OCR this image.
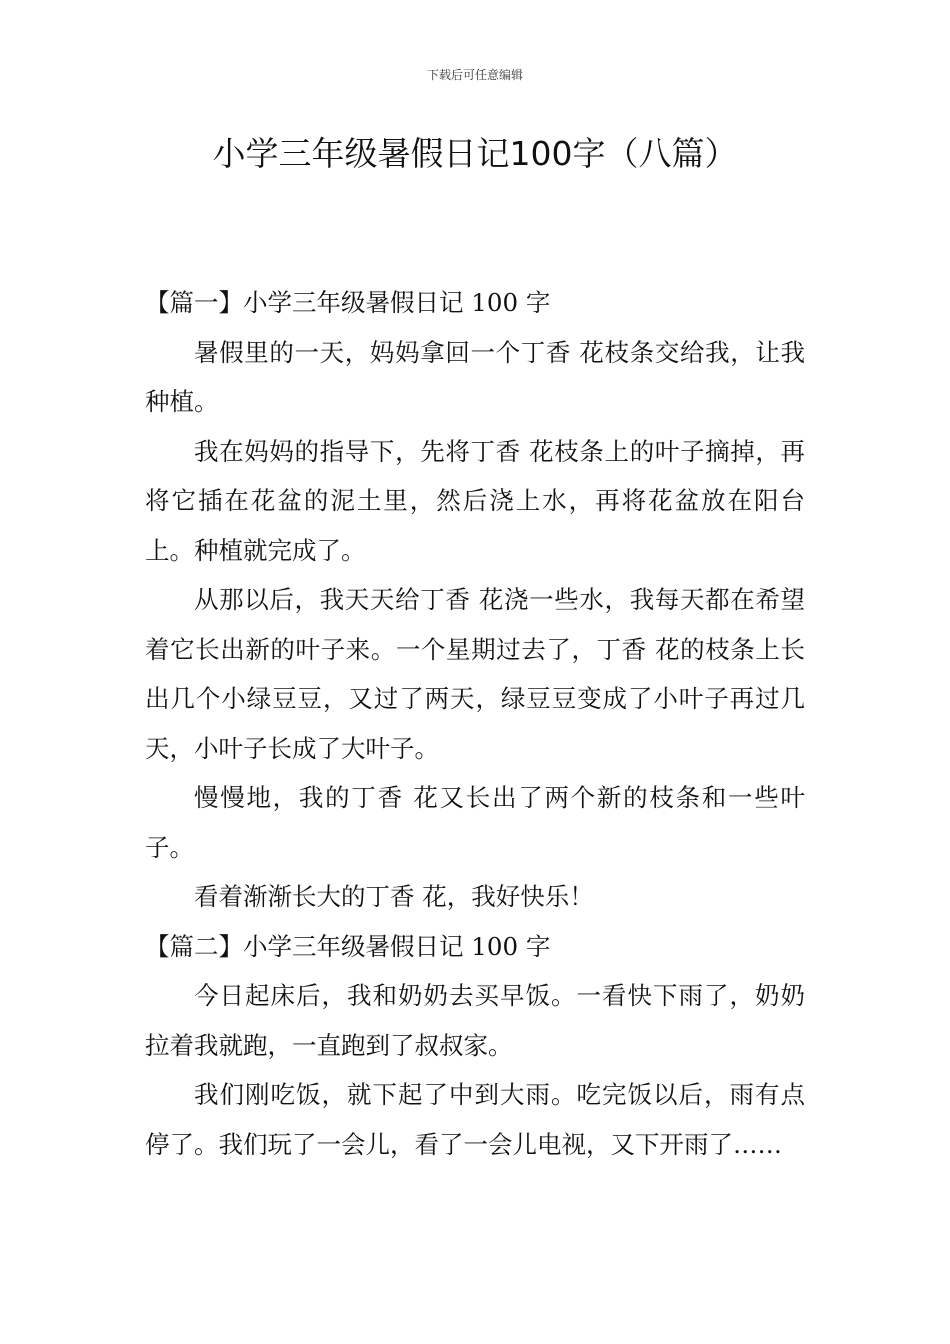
下载后可任意编辑
小学三年级暑假日记100字（八篇）
【篇一】小学三年级暑假日记 100 字

暑假里的一天，妈妈拿回一个丁香 花枝条交给我，让我种植。

我在妈妈的指导下，先将丁香 花枝条上的叶子摘掉，再将它插在花盆的泥土里，然后浇上水，再将花盆放在阳台上。种植就完成了。

从那以后，我天天给丁香 花浇一些水，我每天都在希望着它长出新的叶子来。一个星期过去了，丁香 花的枝条上长出几个小绿豆豆，又过了两天，绿豆豆变成了小叶子再过几天，小叶子长成了大叶子。

慢慢地，我的丁香 花又长出了两个新的枝条和一些叶子。

看着渐渐长大的丁香 花，我好快乐！

【篇二】小学三年级暑假日记 100 字

今日起床后，我和奶奶去买早饭。一看快下雨了，奶奶拉着我就跑，一直跑到了叔叔家。

我们刚吃饭，就下起了中到大雨。吃完饭以后，雨有点停了。我们玩了一会儿，看了一会儿电视，又下开雨了……
